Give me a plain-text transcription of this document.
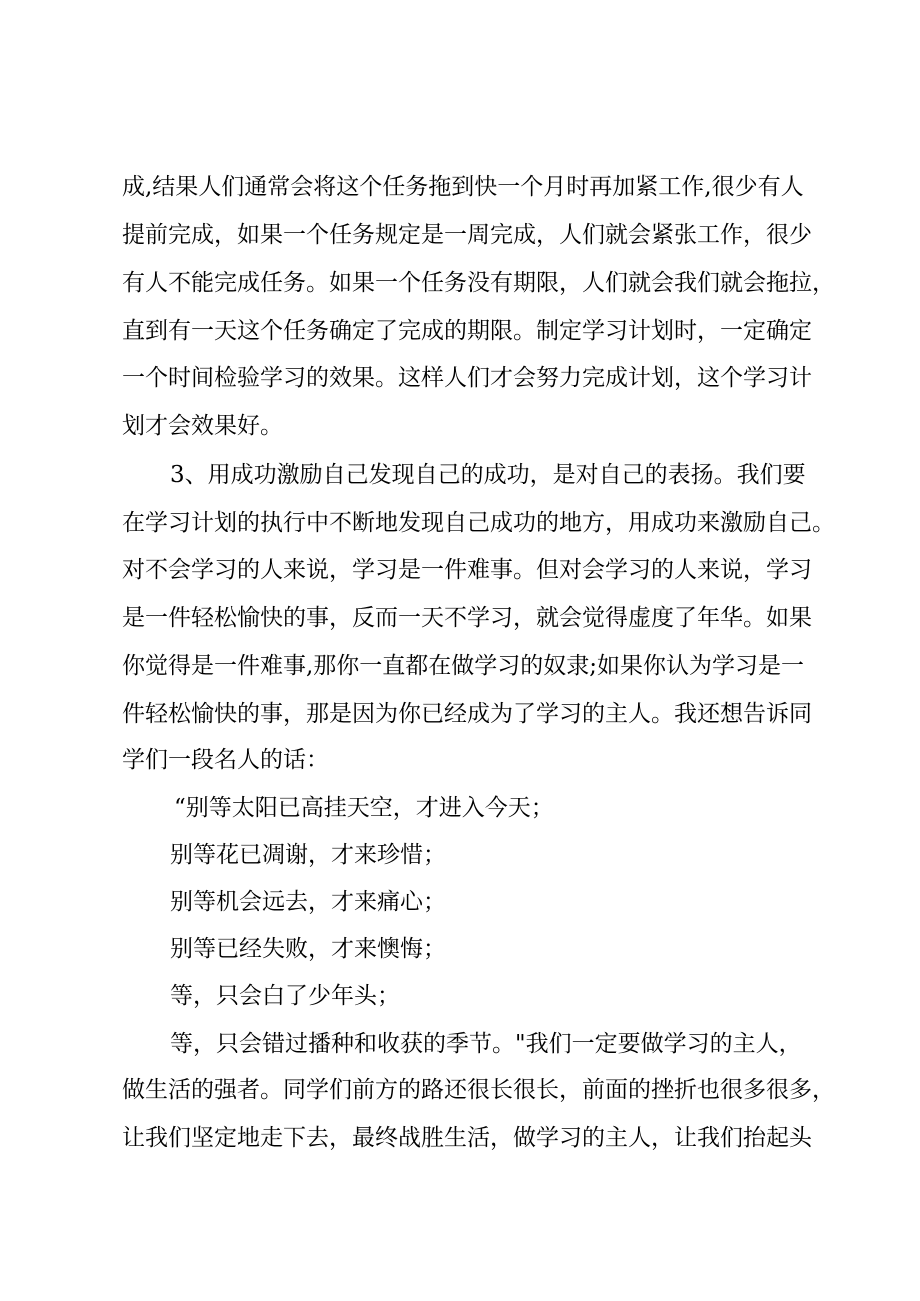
成,结果人们通常会将这个任务拖到快一个月时再加紧工作,很少有人

提前完成，如果一个任务规定是一周完成，人们就会紧张工作，很少

有人不能完成任务。如果一个任务没有期限，人们就会我们就会拖拉，

直到有一天这个任务确定了完成的期限。制定学习计划时，一定确定

一个时间检验学习的效果。这样人们才会努力完成计划，这个学习计

划才会效果好。

3、用成功激励自己发现自己的成功，是对自己的表扬。我们要

在学习计划的执行中不断地发现自己成功的地方，用成功来激励自己。

对不会学习的人来说，学习是一件难事。但对会学习的人来说，学习

是一件轻松愉快的事，反而一天不学习，就会觉得虚度了年华。如果

你觉得是一件难事,那你一直都在做学习的奴隶;如果你认为学习是一

件轻松愉快的事，那是因为你已经成为了学习的主人。我还想告诉同

学们一段名人的话：

“别等太阳已高挂天空，才进入今天；

别等花已凋谢，才来珍惜；

别等机会远去，才来痛心；

别等已经失败，才来懊悔；

等，只会白了少年头；

等，只会错过播种和收获的季节。"我们一定要做学习的主人，

做生活的强者。同学们前方的路还很长很长，前面的挫折也很多很多，

让我们坚定地走下去，最终战胜生活，做学习的主人，让我们抬起头
